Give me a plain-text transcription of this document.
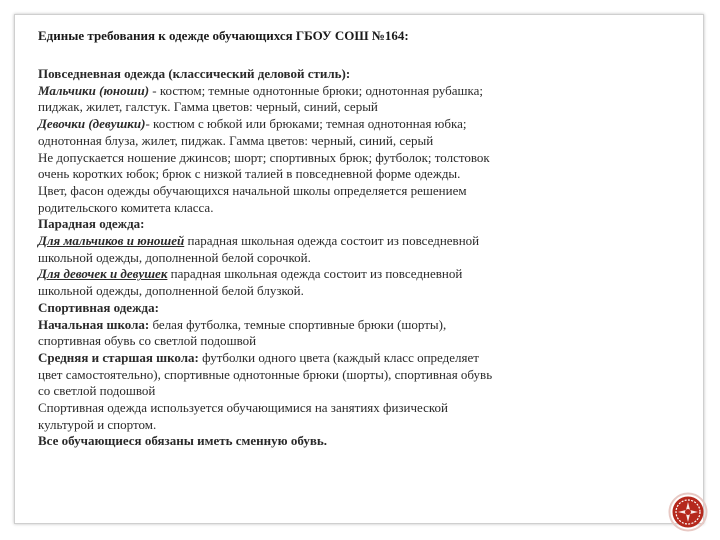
Единые требования к одежде обучающихся ГБОУ СОШ №164:
Повседневная одежда (классический деловой стиль):
Мальчики (юноши) - костюм; темные однотонные брюки; однотонная рубашка;
пиджак, жилет, галстук. Гамма цветов: черный, синий, серый
Девочки (девушки)- костюм с юбкой или брюками; темная однотонная юбка;
однотонная блуза, жилет, пиджак. Гамма цветов: черный, синий, серый
Не допускается ношение джинсов; шорт; спортивных брюк; футболок; толстовок
очень коротких юбок; брюк с низкой талией в повседневной форме одежды.
Цвет, фасон одежды обучающихся начальной школы определяется решением
родительского комитета класса.
Парадная одежда:
Для мальчиков и юношей парадная школьная одежда состоит из повседневной
школьной одежды, дополненной белой сорочкой.
Для девочек и девушек парадная школьная одежда состоит из повседневной
школьной одежды, дополненной белой блузкой.
Спортивная одежда:
Начальная школа: белая футболка, темные спортивные брюки (шорты),
спортивная обувь со светлой подошвой
Средняя и старшая школа: футболки одного цвета (каждый класс определяет
цвет самостоятельно), спортивные однотонные брюки (шорты), спортивная обувь
со светлой подошвой
Спортивная одежда используется обучающимися на занятиях физической
культурой и спортом.
Все обучающиеся обязаны иметь сменную обувь.
